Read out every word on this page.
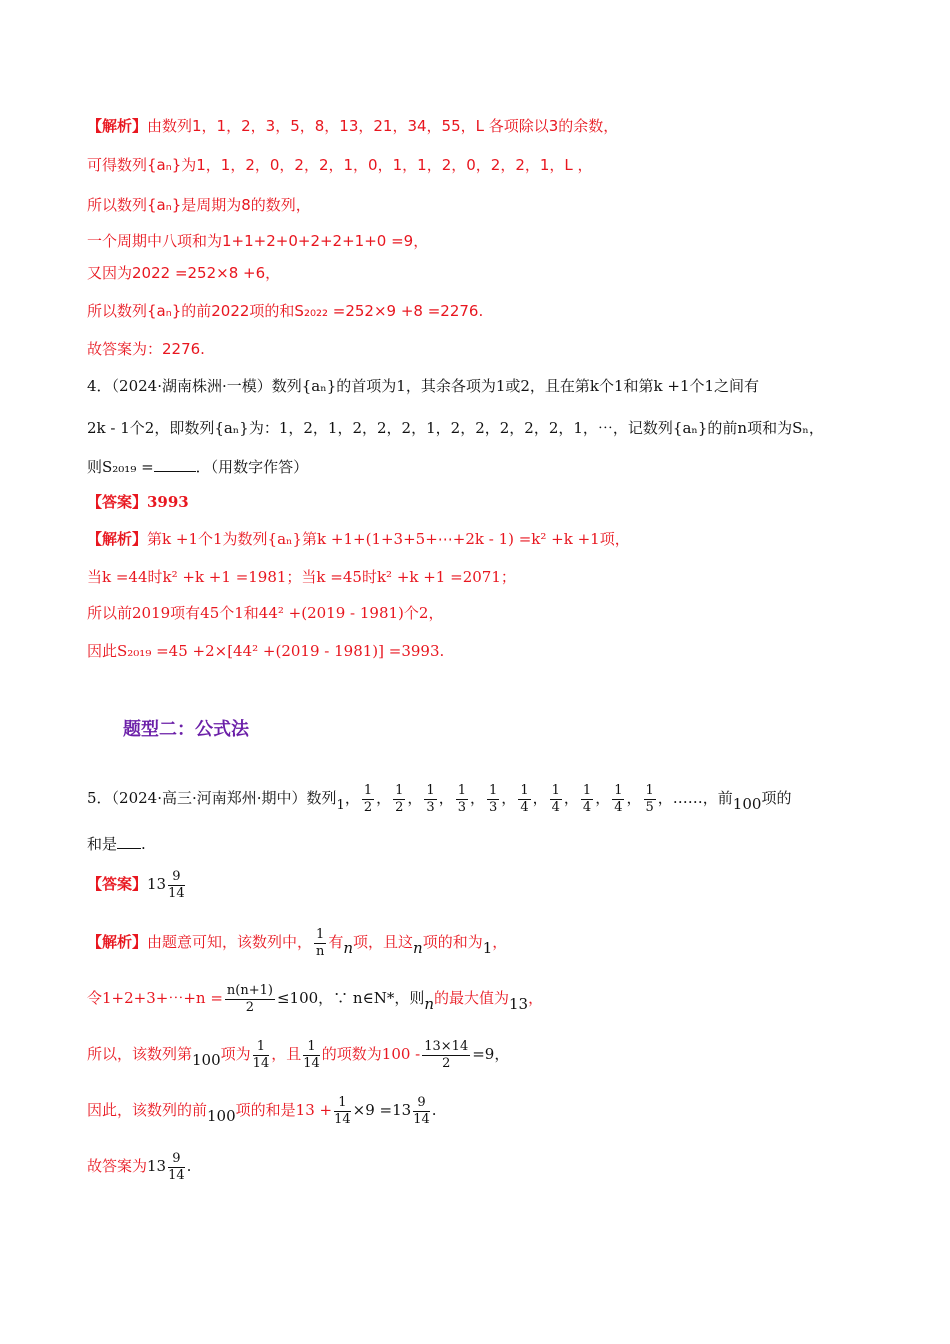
【解析】由数列1，1，2，3，5，8，13，21，34，55，L 各项除以3的余数，
可得数列{aₙ}为1，1，2，0，2，2，1，0，1，1，2，0，2，2，1，L ，
所以数列{aₙ}是周期为8的数列，
一个周期中八项和为1+1+2+0+2+2+1+0 =9，
又因为2022 =252×8 +6，
所以数列{aₙ}的前2022项的和S₂₀₂₂ =252×9 +8 =2276.
故答案为：2276.
4．（2024·湖南株洲·一模）数列{aₙ}的首项为1，其余各项为1或2，且在第k个1和第k +1个1之间有
2k - 1个2，即数列{aₙ}为：1，2，1，2，2，2，1，2，2，2，2，2，1，⋯，记数列{aₙ}的前n项和为Sₙ，
则S₂₀₁₉ =	．（用数字作答）
【答案】3993
【解析】第k +1个1为数列{aₙ}第k +1+(1+3+5+⋯+2k - 1) =k² +k +1项，
当k =44时k² +k +1 =1981；当k =45时k² +k +1 =2071；
所以前2019项有45个1和44² +(2019 - 1981)个2，
因此S₂₀₁₉ =45 +2×[44² +(2019 - 1981)] =3993.
题型二：公式法
5．（2024·高三·河南郑州·期中）数列1， $\frac{1}{2}$ ， $\frac{1}{2}$ ， $\frac{1}{3}$ ， $\frac{1}{3}$ ， $\frac{1}{3}$ ， $\frac{1}{4}$ ， $\frac{1}{4}$ ， $\frac{1}{4}$ ， $\frac{1}{4}$ ， $\frac{1}{5}$ ，……，前100项的
和是 .
【答案】$13 \frac{9}{14}$
【解析】由题意可知，该数列中， $\frac{1}{n}$ 有n项，且这n项的和为1，
令1+2+3+⋯+n = $\frac{n(n+1)}{2} \le 100$，∵ n∈N*，则n的最大值为13，
所以，该数列第100项为 $\frac{1}{14}$ ，且 $\frac{1}{14}$ 的项数为$100 - \frac{13\times 14}{2} =9$，
因此，该数列的前100项的和是$13 + \frac{1}{14} \times 9 =13 \frac{9}{14}$ .
故答案为$13 \frac{9}{14}$ .
